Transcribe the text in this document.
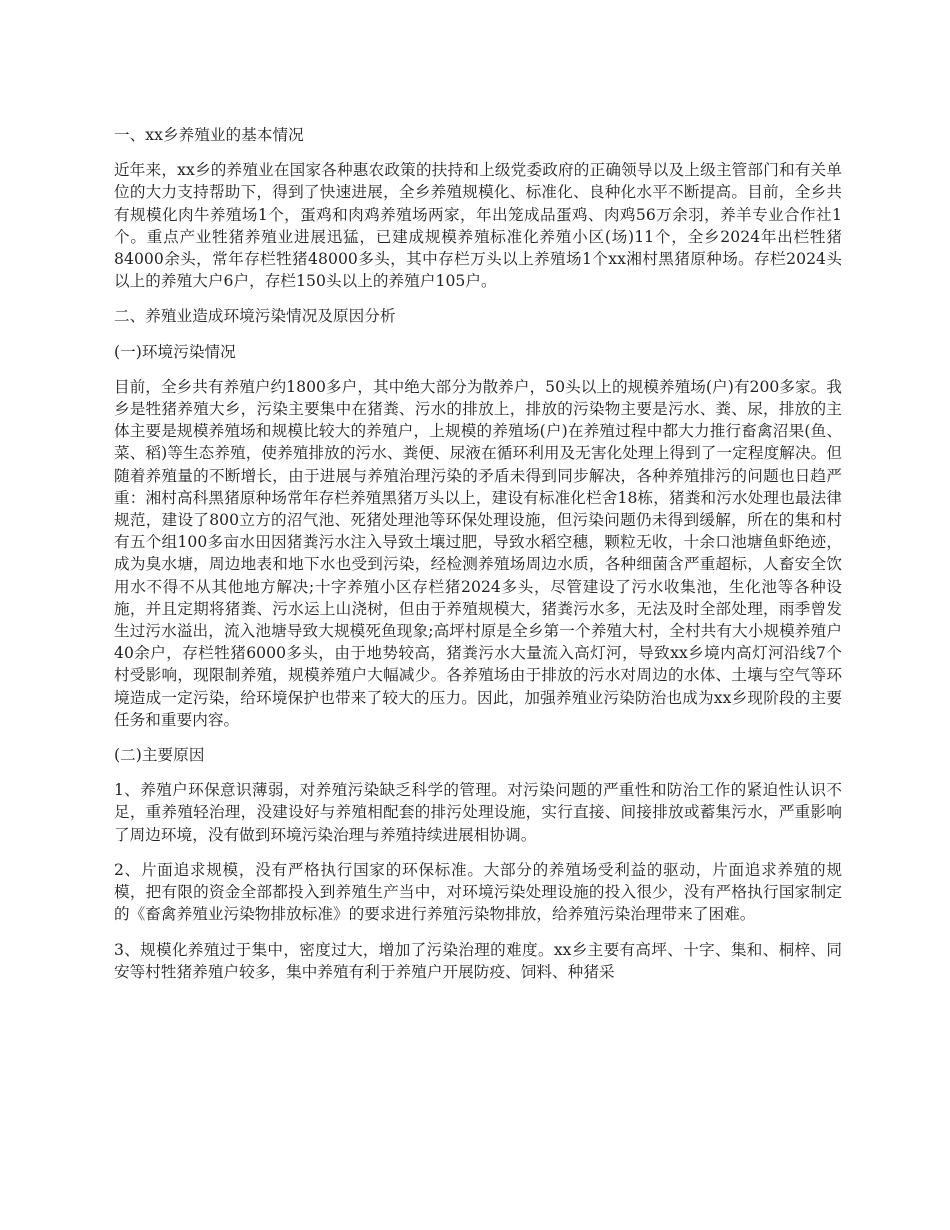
一、xx乡养殖业的基本情况
近年来，xx乡的养殖业在国家各种惠农政策的扶持和上级党委政府的正确领导以及上级主管部门和有关单位的大力支持帮助下，得到了快速进展，全乡养殖规模化、标准化、良种化水平不断提高。目前，全乡共有规模化肉牛养殖场1个，蛋鸡和肉鸡养殖场两家，年出笼成品蛋鸡、肉鸡56万余羽，养羊专业合作社1个。重点产业牲猪养殖业进展迅猛，已建成规模养殖标准化养殖小区(场)11个，全乡2024年出栏牲猪84000余头，常年存栏牲猪48000多头，其中存栏万头以上养殖场1个xx湘村黑猪原种场。存栏2024头以上的养殖大户6户，存栏150头以上的养殖户105户。
二、养殖业造成环境污染情况及原因分析
(一)环境污染情况
目前，全乡共有养殖户约1800多户，其中绝大部分为散养户，50头以上的规模养殖场(户)有200多家。我乡是牲猪养殖大乡，污染主要集中在猪粪、污水的排放上，排放的污染物主要是污水、粪、尿，排放的主体主要是规模养殖场和规模比较大的养殖户，上规模的养殖场(户)在养殖过程中都大力推行畜禽沼果(鱼、菜、稻)等生态养殖，使养殖排放的污水、粪便、尿液在循环利用及无害化处理上得到了一定程度解决。但随着养殖量的不断增长，由于进展与养殖治理污染的矛盾未得到同步解决，各种养殖排污的问题也日趋严重：湘村高科黑猪原种场常年存栏养殖黑猪万头以上，建设有标准化栏舍18栋，猪粪和污水处理也最法律规范，建设了800立方的沼气池、死猪处理池等环保处理设施，但污染问题仍未得到缓解，所在的集和村有五个组100多亩水田因猪粪污水注入导致土壤过肥，导致水稻空穗，颗粒无收，十余口池塘鱼虾绝迹，成为臭水塘，周边地表和地下水也受到污染，经检测养殖场周边水质，各种细菌含严重超标，人畜安全饮用水不得不从其他地方解决;十字养殖小区存栏猪2024多头，尽管建设了污水收集池，生化池等各种设施，并且定期将猪粪、污水运上山浇树，但由于养殖规模大，猪粪污水多，无法及时全部处理，雨季曾发生过污水溢出，流入池塘导致大规模死鱼现象;高坪村原是全乡第一个养殖大村，全村共有大小规模养殖户40余户，存栏牲猪6000多头，由于地势较高，猪粪污水大量流入高灯河，导致xx乡境内高灯河沿线7个村受影响，现限制养殖，规模养殖户大幅减少。各养殖场由于排放的污水对周边的水体、土壤与空气等环境造成一定污染，给环境保护也带来了较大的压力。因此，加强养殖业污染防治也成为xx乡现阶段的主要任务和重要内容。
(二)主要原因
1、养殖户环保意识薄弱，对养殖污染缺乏科学的管理。对污染问题的严重性和防治工作的紧迫性认识不足，重养殖轻治理，没建设好与养殖相配套的排污处理设施，实行直接、间接排放或蓄集污水，严重影响了周边环境，没有做到环境污染治理与养殖持续进展相协调。
2、片面追求规模，没有严格执行国家的环保标准。大部分的养殖场受利益的驱动，片面追求养殖的规模，把有限的资金全部都投入到养殖生产当中，对环境污染处理设施的投入很少，没有严格执行国家制定的《畜禽养殖业污染物排放标准》的要求进行养殖污染物排放，给养殖污染治理带来了困难。
3、规模化养殖过于集中，密度过大，增加了污染治理的难度。xx乡主要有高坪、十字、集和、桐梓、同安等村牲猪养殖户较多，集中养殖有利于养殖户开展防疫、饲料、种猪采
